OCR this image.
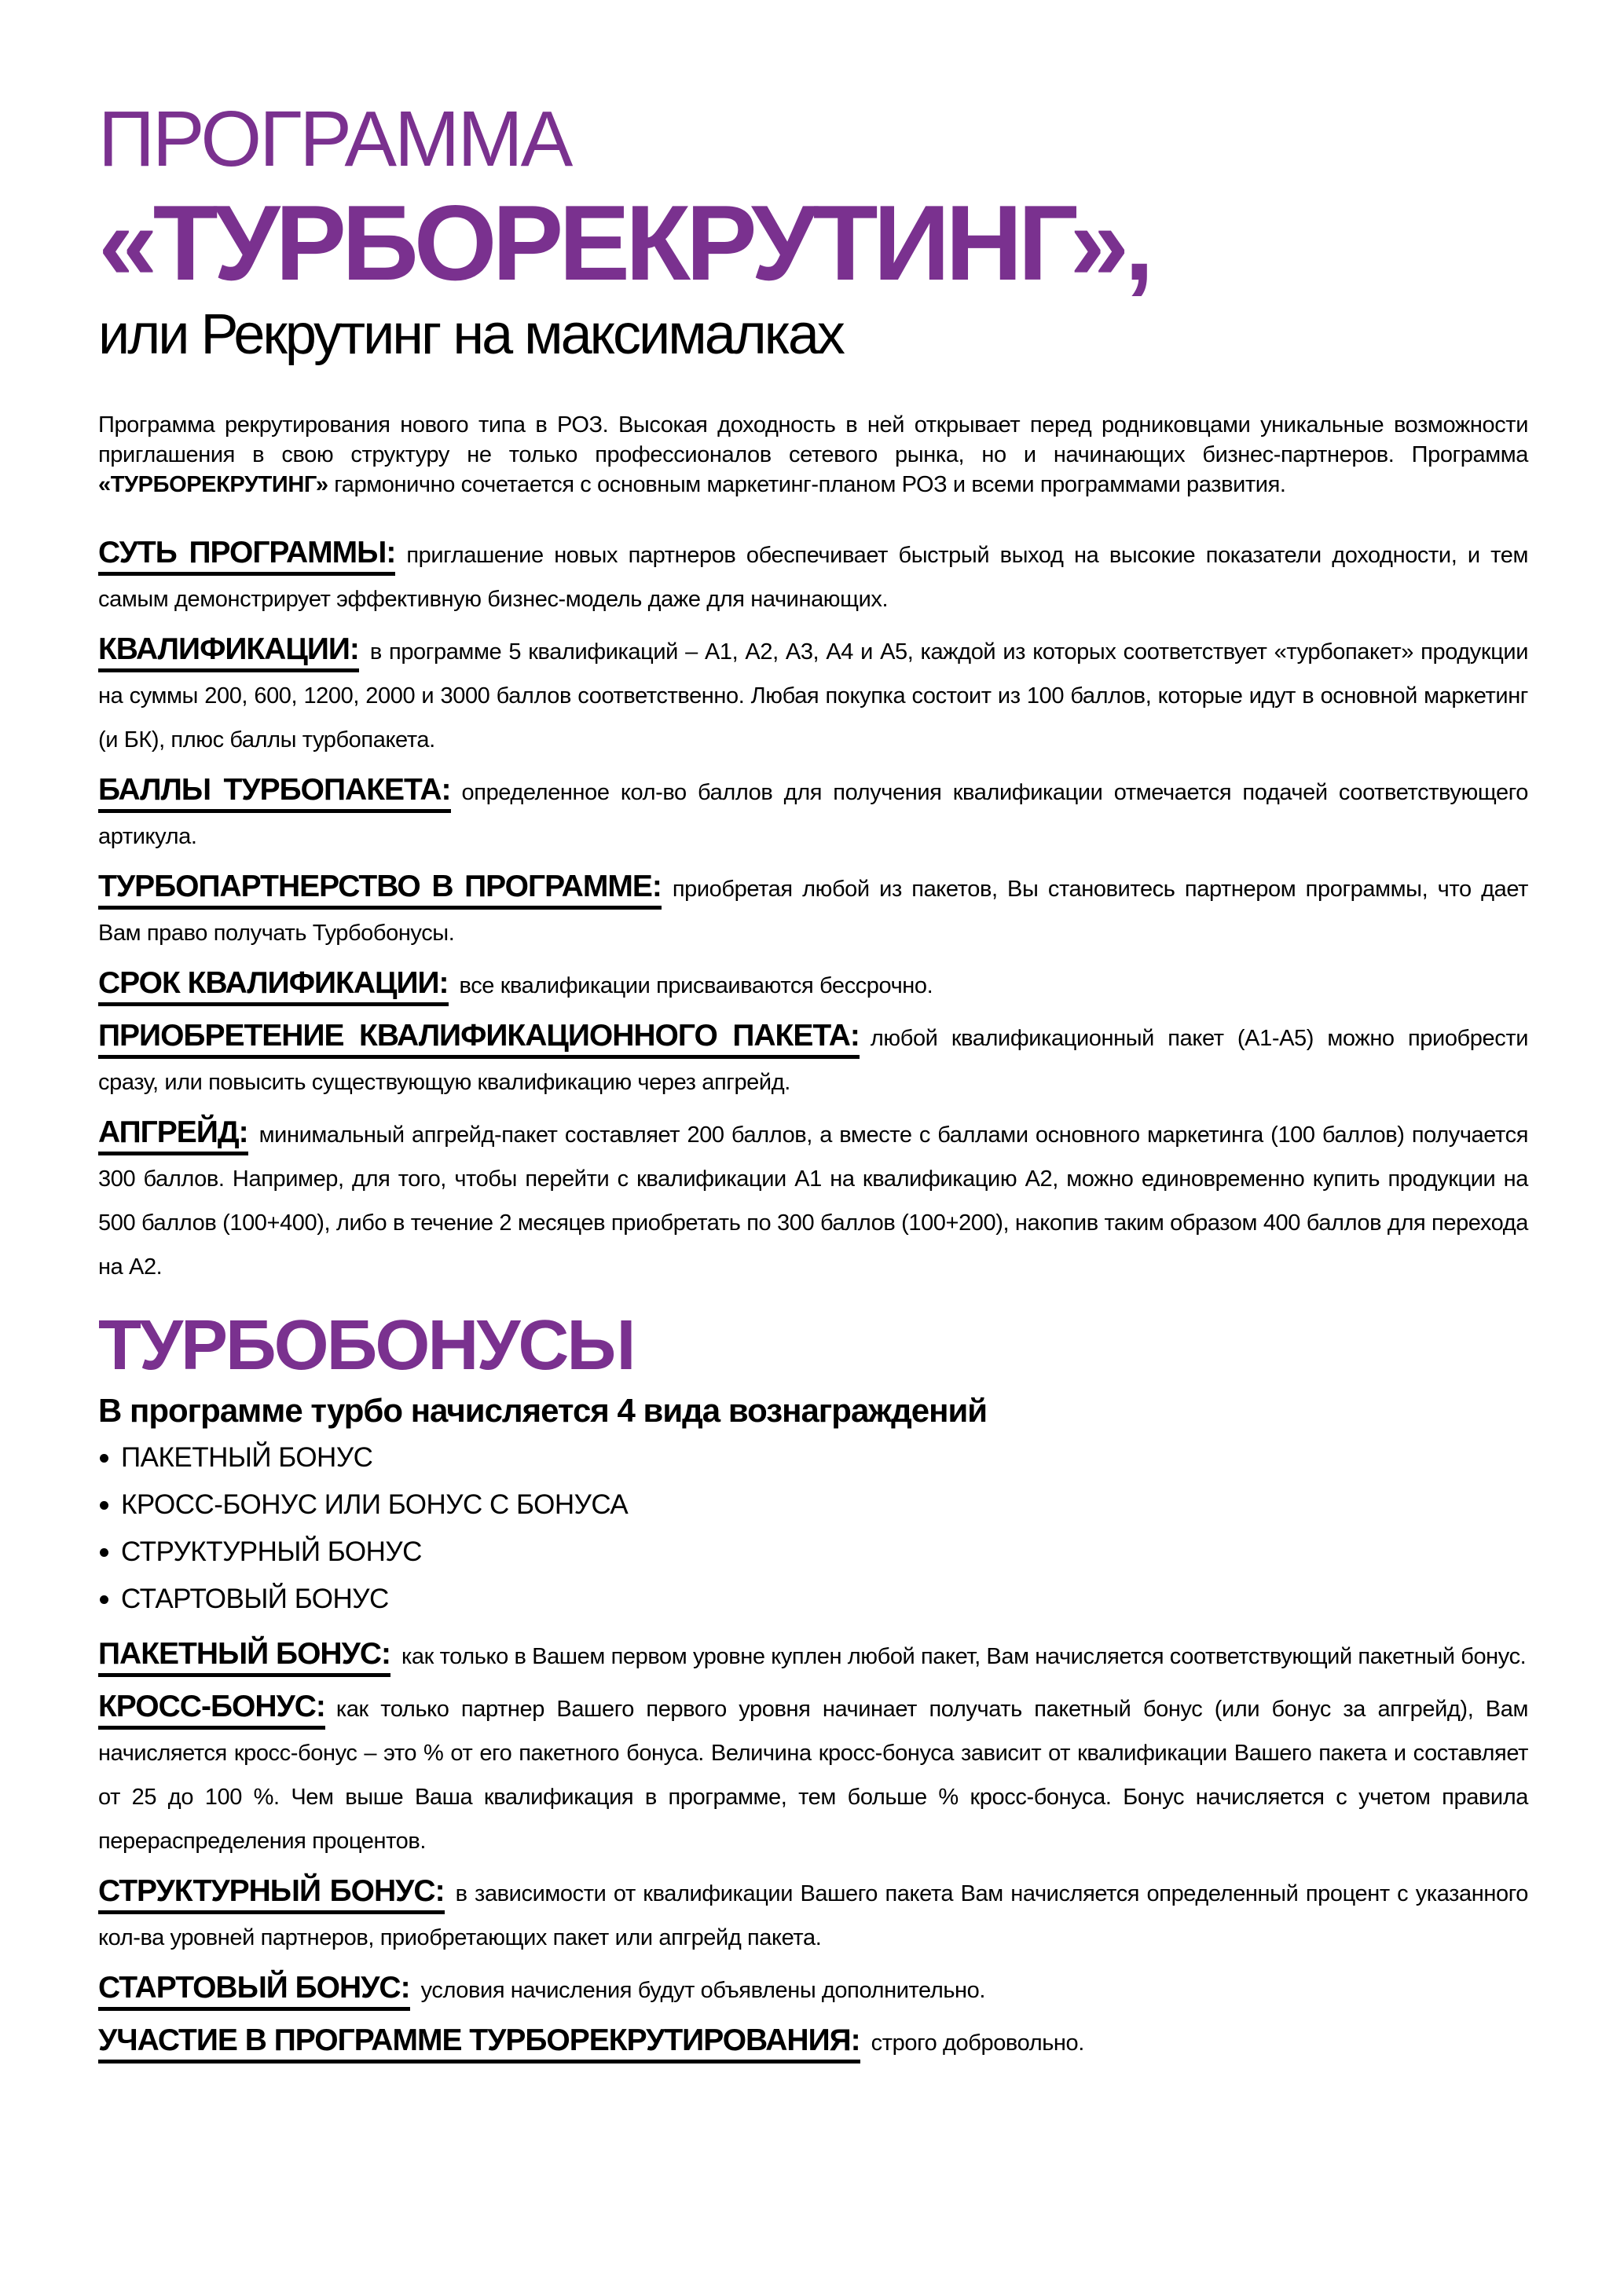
ПРОГРАММА
«ТУРБОРЕКРУТИНГ»,
или Рекрутинг на максималках

Программа рекрутирования нового типа в РОЗ. Высокая доходность в ней открывает перед родниковцами уникальные возможности приглашения в свою структуру не только профессионалов сетевого рынка, но и начинающих бизнес-партнеров. Программа «ТУРБОРЕКРУТИНГ» гармонично сочетается с основным маркетинг-планом РОЗ и всеми программами развития.

СУТЬ ПРОГРАММЫ: приглашение новых партнеров обеспечивает быстрый выход на высокие показатели доходности, и тем самым демонстрирует эффективную бизнес-модель даже для начинающих.

КВАЛИФИКАЦИИ: в программе 5 квалификаций – А1, А2, А3, А4 и А5, каждой из которых соответствует «турбопакет» продукции на суммы 200, 600, 1200, 2000 и 3000 баллов соответственно. Любая покупка состоит из 100 баллов, которые идут в основной маркетинг (и БК), плюс баллы турбопакета.

БАЛЛЫ ТУРБОПАКЕТА: определенное кол-во баллов для получения квалификации отмечается подачей соответствующего артикула.

ТУРБОПАРТНЕРСТВО В ПРОГРАММЕ: приобретая любой из пакетов, Вы становитесь партнером программы, что дает Вам право получать Турбобонусы.

СРОК КВАЛИФИКАЦИИ: все квалификации присваиваются бессрочно.

ПРИОБРЕТЕНИЕ КВАЛИФИКАЦИОННОГО ПАКЕТА: любой квалификационный пакет (А1-А5) можно приобрести сразу, или повысить существующую квалификацию через апгрейд.

АПГРЕЙД: минимальный апгрейд-пакет составляет 200 баллов, а вместе с баллами основного маркетинга (100 баллов) получается 300 баллов. Например, для того, чтобы перейти с квалификации А1 на квалификацию А2, можно единовременно купить продукции на 500 баллов (100+400), либо в течение 2 месяцев приобретать по 300 баллов (100+200), накопив таким образом 400 баллов для перехода на А2.

ТУРБОБОНУСЫ
В программе турбо начисляется 4 вида вознаграждений
ПАКЕТНЫЙ БОНУС
КРОСС-БОНУС ИЛИ БОНУС С БОНУСА
СТРУКТУРНЫЙ БОНУС
СТАРТОВЫЙ БОНУС

ПАКЕТНЫЙ БОНУС: как только в Вашем первом уровне куплен любой пакет, Вам начисляется соответствующий пакетный бонус.

КРОСС-БОНУС: как только партнер Вашего первого уровня начинает получать пакетный бонус (или бонус за апгрейд), Вам начисляется кросс-бонус – это % от его пакетного бонуса. Величина кросс-бонуса зависит от квалификации Вашего пакета и составляет от 25 до 100 %. Чем выше Ваша квалификация в программе, тем больше % кросс-бонуса. Бонус начисляется с учетом правила перераспределения процентов.

СТРУКТУРНЫЙ БОНУС: в зависимости от квалификации Вашего пакета Вам начисляется определенный процент с указанного кол-ва уровней партнеров, приобретающих пакет или апгрейд пакета.

СТАРТОВЫЙ БОНУС: условия начисления будут объявлены дополнительно.

УЧАСТИЕ В ПРОГРАММЕ ТУРБОРЕКРУТИРОВАНИЯ: строго добровольно.
